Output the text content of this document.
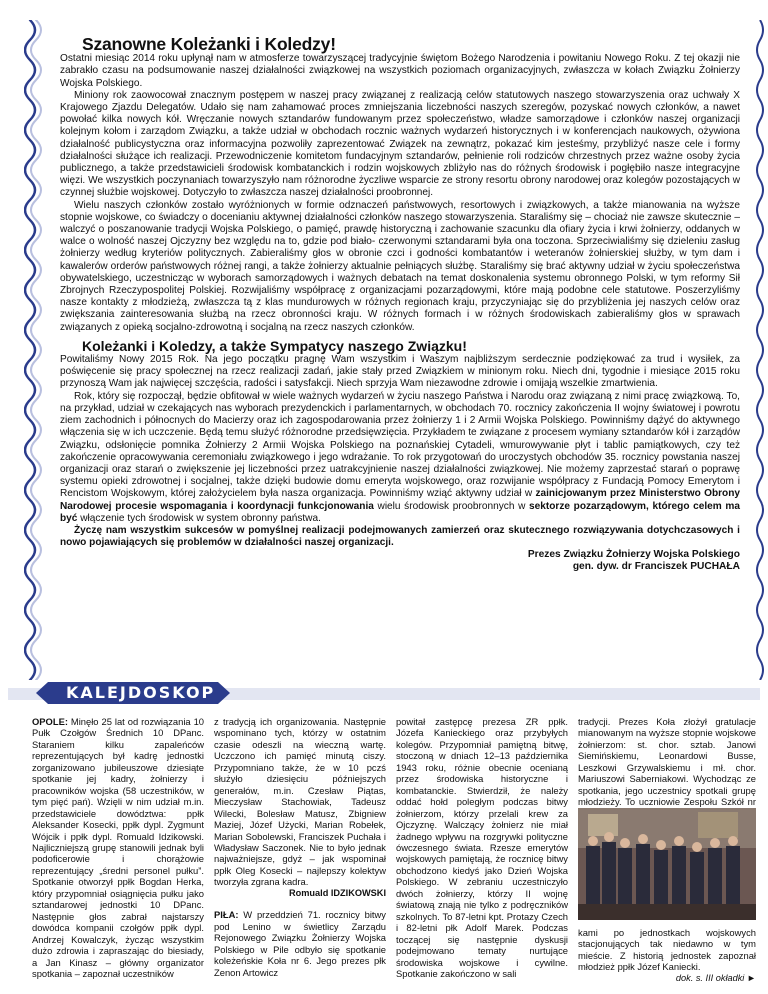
Szanowne Koleżanki i Koledzy!

Ostatni miesiąc 2014 roku upłynął nam w atmosferze towarzyszącej tradycyjnie świętom Bożego Narodzenia i powitaniu Nowego Roku. Z tej okazji nie zabrakło czasu na podsumowanie naszej działalności związkowej na wszystkich poziomach organizacyjnych, zwłaszcza w kołach Związku Żołnierzy Wojska Polskiego.

Miniony rok zaowocował znacznym postępem w naszej pracy związanej z realizacją celów statutowych naszego stowarzyszenia oraz uchwały X Krajowego Zjazdu Delegatów. Udało się nam zahamować proces zmniejszania liczebności naszych szeregów, pozyskać nowych członków, a nawet powołać kilka nowych kół. Wręczanie nowych sztandarów fundowanym przez społeczeństwo, władze samorządowe i członków naszej organizacji kolejnym kołom i zarządom Związku, a także udział w obchodach rocznic ważnych wydarzeń historycznych i w konferencjach naukowych, ożywiona działalność publicystyczna oraz informacyjna pozwoliły zaprezentować Związek na zewnątrz, pokazać kim jesteśmy, przybliżyć nasze cele i formy działalności służące ich realizacji. Przewodniczenie komitetom fundacyjnym sztandarów, pełnienie roli rodziców chrzestnych przez ważne osoby życia publicznego, a także przedstawicieli środowisk kombatanckich i rodzin wojskowych zbliżyło nas do różnych środowisk i pogłębiło nasze integracyjne więzi. We wszystkich poczynaniach towarzyszyło nam różnorodne życzliwe wsparcie ze strony resortu obrony narodowej oraz kolegów pozostających w czynnej służbie wojskowej. Dotyczyło to zwłaszcza naszej działalności proobronnej.

Wielu naszych członków zostało wyróżnionych w formie odznaczeń państwowych, resortowych i związkowych, a także mianowania na wyższe stopnie wojskowe, co świadczy o docenianiu aktywnej działalności członków naszego stowarzyszenia. Staraliśmy się – chociaż nie zawsze skutecznie – walczyć o poszanowanie tradycji Wojska Polskiego, o pamięć, prawdę historyczną i zachowanie szacunku dla ofiary życia i krwi żołnierzy, oddanych w walce o wolność naszej Ojczyzny bez względu na to, gdzie pod biało- czerwonymi sztandarami była ona toczona. Sprzeciwialiśmy się dzieleniu zasług żołnierzy według kryteriów politycznych. Zabieraliśmy głos w obronie czci i godności kombatantów i weteranów żołnierskiej służby, w tym dam i kawalerów orderów państwowych różnej rangi, a także żołnierzy aktualnie pełniących służbę. Staraliśmy się brać aktywny udział w życiu społeczeństwa obywatelskiego, uczestnicząc w wyborach samorządowych i ważnych debatach na temat doskonalenia systemu obronnego Polski, w tym reformy Sił Zbrojnych Rzeczypospolitej Polskiej. Rozwijaliśmy współpracę z organizacjami pozarządowymi, które mają podobne cele statutowe. Poszerzyliśmy nasze kontakty z młodzieżą, zwłaszcza tą z klas mundurowych w różnych regionach kraju, przyczyniając się do przybliżenia jej naszych celów oraz zwiększania zainteresowania służbą na rzecz obronności kraju. W różnych formach i w różnych środowiskach zabieraliśmy głos w sprawach związanych z opieką socjalno-zdrowotną i socjalną na rzecz naszych członków.

Koleżanki i Koledzy, a także Sympatycy naszego Związku!

Powitaliśmy Nowy 2015 Rok. Na jego początku pragnę Wam wszystkim i Waszym najbliższym serdecznie podziękować za trud i wysiłek, za poświęcenie się pracy społecznej na rzecz realizacji zadań, jakie stały przed Związkiem w minionym roku. Niech dni, tygodnie i miesiące 2015 roku przynoszą Wam jak najwięcej szczęścia, radości i satysfakcji. Niech sprzyja Wam niezawodne zdrowie i omijają wszelkie zmartwienia.

Rok, który się rozpoczął, będzie obfitował w wiele ważnych wydarzeń w życiu naszego Państwa i Narodu oraz związaną z nimi pracę związkową. To, na przykład, udział w czekających nas wyborach prezydenckich i parlamentarnych, w obchodach 70. rocznicy zakończenia II wojny światowej i powrotu ziem zachodnich i północnych do Macierzy oraz ich zagospodarowania przez żołnierzy 1 i 2 Armii Wojska Polskiego. Powinniśmy dążyć do aktywnego włączenia się w ich uczczenie. Będą temu służyć różnorodne przedsięwzięcia. Przykładem te związane z procesem wymiany sztandarów kół i zarządów Związku, odsłonięcie pomnika Żołnierzy 2 Armii Wojska Polskiego na poznańskiej Cytadeli, wmurowywanie płyt i tablic pamiątkowych, czy też zakończenie opracowywania ceremoniału związkowego i jego wdrażanie. To rok przygotowań do uroczystych obchodów 35. rocznicy powstania naszej organizacji oraz starań o zwiększenie jej liczebności przez uatrakcyjnienie naszej działalności związkowej. Nie możemy zaprzestać starań o poprawę systemu opieki zdrowotnej i socjalnej, także dzięki budowie domu emeryta wojskowego, oraz rozwijanie współpracy z Fundacją Pomocy Emerytom i Rencistom Wojskowym, której założycielem była nasza organizacja. Powinniśmy wziąć aktywny udział w zainicjowanym przez Ministerstwo Obrony Narodowej procesie wspomagania i koordynacji funkcjonowania wielu środowisk proobronnych w sektorze pozarządowym, którego celem ma być włączenie tych środowisk w system obronny państwa.

Życzę nam wszystkim sukcesów w pomyślnej realizacji podejmowanych zamierzeń oraz skutecznego rozwiązywania dotychczasowych i nowo pojawiających się problemów w działalności naszej organizacji.

Prezes Związku Żołnierzy Wojska Polskiego
gen. dyw. dr Franciszek PUCHAŁA
KALEJDOSKOP

OPOLE: Minęło 25 lat od rozwiązania 10 Pułk Czołgów Średnich 10 DPanc. Staraniem kilku zapaleńców reprezentujących był kadrę jednostki zorganizowano jubileuszowe dziesiąte spotkanie jej kadry, żołnierzy i pracowników wojska (58 uczestników, w tym pięć pań). Wzięli w nim udział m.in. przedstawiciele dowództwa: ppłk Aleksander Kosecki, ppłk dypl. Zygmunt Wójcik i ppłk dypl. Romuald Idzikowski. Najliczniejszą grupę stanowili jednak byli podoficerowie i chorążowie reprezentujący „średni personel pułku”. Spotkanie otworzył ppłk Bogdan Herka, który przypomniał osiągnięcia pułku jako sztandarowej jednostki 10 DPanc. Następnie głos zabrał najstarszy dowódca kompanii czołgów ppłk dypl. Andrzej Kowalczyk, życząc wszystkim dużo zdrowia i zapraszając do biesiady, a Jan Kinasz – główny organizator spotkania – zapoznał uczestników

z tradycją ich organizowania. Następnie wspominano tych, którzy w ostatnim czasie odeszli na wieczną wartę. Uczczono ich pamięć minutą ciszy. Przypomniano także, że w 10 pczś służyło dziesięciu późniejszych generałów, m.in. Czesław Piątas, Mieczysław Stachowiak, Tadeusz Wilecki, Bolesław Matusz, Zbigniew Maziej, Józef Użycki, Marian Robełek, Marian Sobolewski, Franciszek Puchała i Władysław Saczonek. Nie to było jednak najważniejsze, gdyż – jak wspominał ppłk Oleg Kosecki – najlepszy kolektyw tworzyła zgrana kadra.

Romuald IDZIKOWSKI

PIŁA: W przeddzień 71. rocznicy bitwy pod Lenino w świetlicy Zarządu Rejonowego Związku Żołnierzy Wojska Polskiego w Pile odbyło się spotkanie koleżeńskie Koła nr 6. Jego prezes płk Zenon Artowicz

powitał zastępcę prezesa ZR ppłk. Józefa Kanieckiego oraz przybyłych kolegów. Przypomniał pamiętną bitwę, stoczoną w dniach 12–13 października 1943 roku, różnie obecnie ocenianą przez środowiska historyczne i kombatanckie. Stwierdził, że należy oddać hołd poległym podczas bitwy żołnierzom, którzy przelali krew za Ojczyznę. Walczący żołnierz nie miał żadnego wpływu na rozgrywki polityczne ówczesnego świata. Rzesze emerytów wojskowych pamiętają, że rocznicę bitwy obchodzono kiedyś jako Dzień Wojska Polskiego. W zebraniu uczestniczyło dwóch żołnierzy, którzy II wojnę światową znają nie tylko z podręczników szkolnych. To 87-letni kpt. Protazy Czech i 82-letni płk Adolf Marek. Podczas toczącej się następnie dyskusji podejmowano tematy nurtujące środowiska wojskowe i cywilne. Spotkanie zakończono w sali

tradycji. Prezes Koła złożył gratulacje mianowanym na wyższe stopnie wojskowe żołnierzom: st. chor. sztab. Janowi Siemińskiemu, Leonardowi Busse, Leszkowi Grzywalskiemu i mł. chor. Mariuszowi Saberniakowi. Wychodząc ze spotkania, jego uczestnicy spotkali grupę młodzieży. To uczniowie Zespołu Szkół nr

kami po jednostkach wojskowych stacjonujących tak niedawno w tym mieście. Z historią jednostek zapoznał młodzież ppłk Józef Kaniecki.

dok. s. III okładki ►
